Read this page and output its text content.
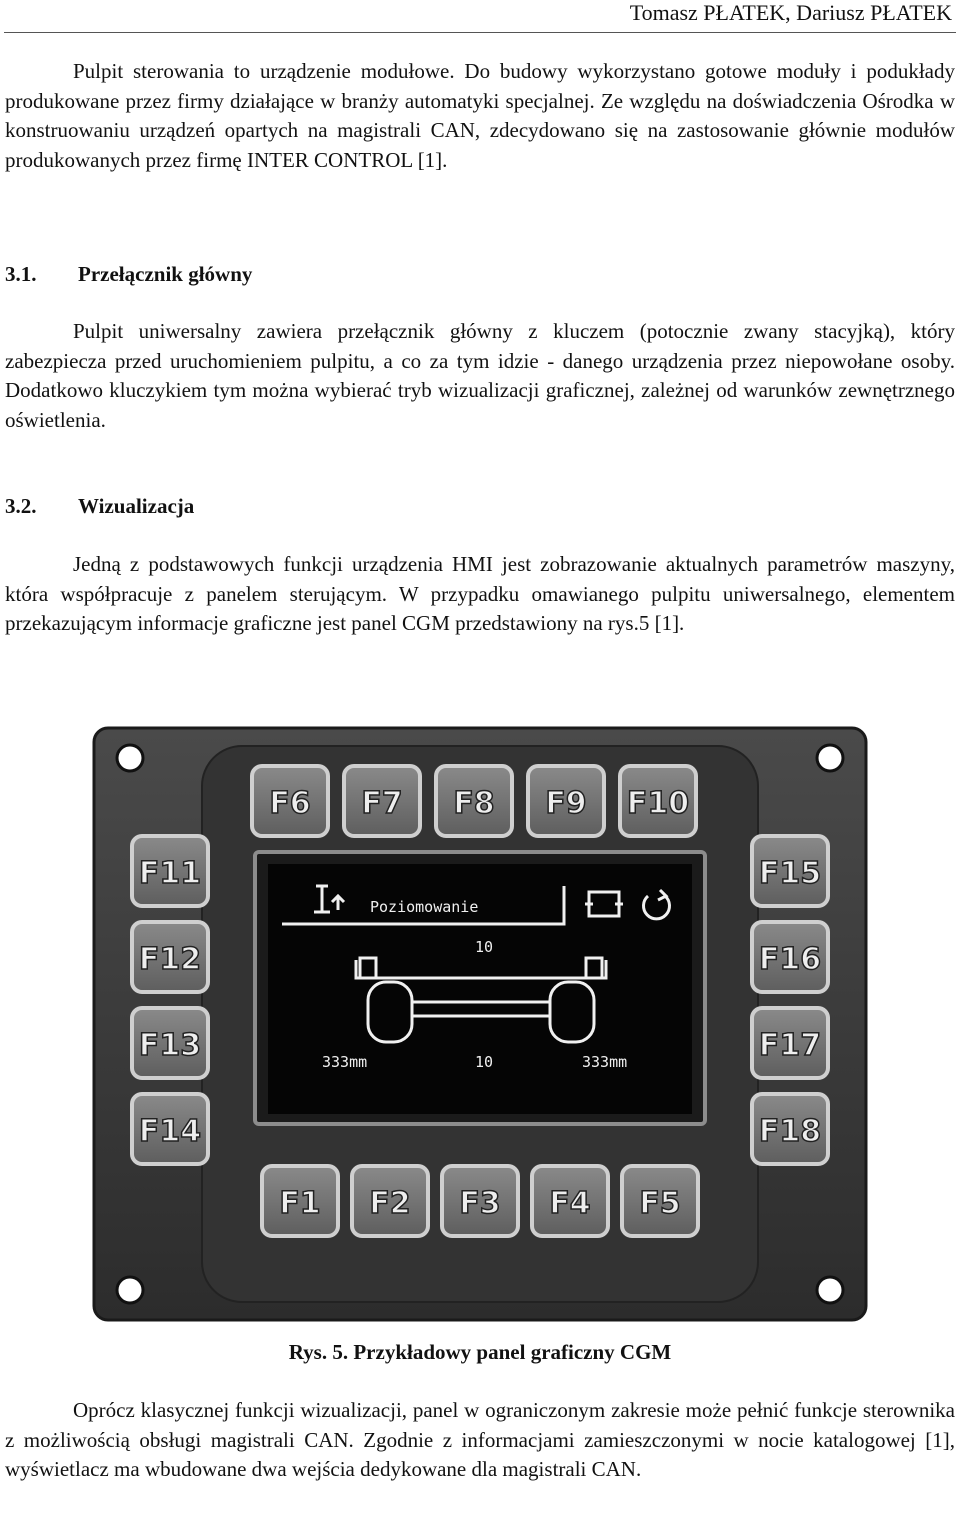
Tomasz PŁATEK, Dariusz PŁATEK

Pulpit sterowania to urządzenie modułowe. Do budowy wykorzystano gotowe moduły i podukłady produkowane przez firmy działające w branży automatyki specjalnej. Ze względu na doświadczenia Ośrodka w konstruowaniu urządzeń opartych na magistrali CAN, zdecydowano się na zastosowanie głównie modułów produkowanych przez firmę INTER CONTROL [1].

3.1. Przełącznik główny

Pulpit uniwersalny zawiera przełącznik główny z kluczem (potocznie zwany stacyjką), który zabezpiecza przed uruchomieniem pulpitu, a co za tym idzie - danego urządzenia przez niepowołane osoby. Dodatkowo kluczykiem tym można wybierać tryb wizualizacji graficznej, zależnej od warunków zewnętrznego oświetlenia.

3.2. Wizualizacja

Jedną z podstawowych funkcji urządzenia HMI jest zobrazowanie aktualnych parametrów maszyny, która współpracuje z panelem sterującym. W przypadku omawianego pulpitu uniwersalnego, elementem przekazującym informacje graficzne jest panel CGM przedstawiony na rys.5 [1].

F6 F7 F8 F9 F10
F1 F2 F3 F4 F5
F11
F12
F13
F14
F15
F16
F17
F18
Poziomowanie
10
333mm	10	333mm
Rys. 5. Przykładowy panel graficzny CGM

Oprócz klasycznej funkcji wizualizacji, panel w ograniczonym zakresie może pełnić funkcje sterownika z możliwością obsługi magistrali CAN. Zgodnie z informacjami zamieszczonymi w nocie katalogowej [1], wyświetlacz ma wbudowane dwa wejścia dedykowane dla magistrali CAN.
